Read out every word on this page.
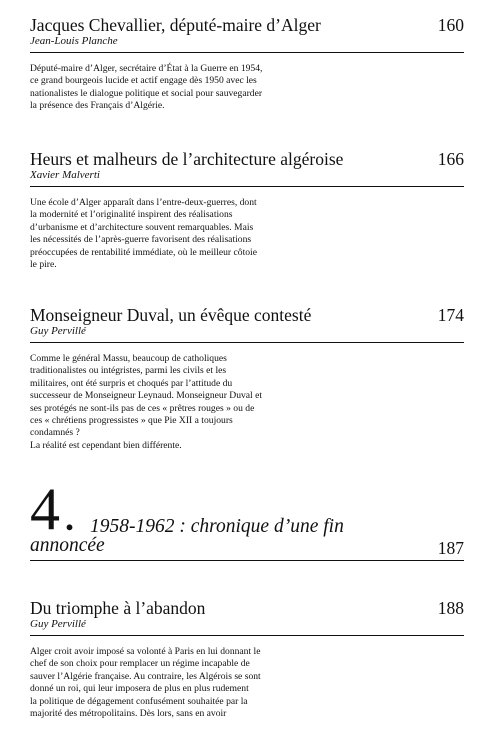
Jacques Chevallier, député-maire d’Alger	160
Jean-Louis Planche

Député-maire d’Alger, secrétaire d’État à la Guerre en 1954,

ce grand bourgeois lucide et actif engage dès 1950 avec les

nationalistes le dialogue politique et social pour sauvegarder

la présence des Français d’Algérie.

Heurs et malheurs de l’architecture algéroise	166
Xavier Malverti

Une école d’Alger apparaît dans l’entre-deux-guerres, dont

la modernité et l’originalité inspirent des réalisations

d’urbanisme et d’architecture souvent remarquables. Mais

les nécessités de l’après-guerre favorisent des réalisations

préoccupées de rentabilité immédiate, où le meilleur côtoie

le pire.

Monseigneur Duval, un évêque contesté	174
Guy Pervillé

Comme le général Massu, beaucoup de catholiques

traditionalistes ou intégristes, parmi les civils et les

militaires, ont été surpris et choqués par l’attitude du

successeur de Monseigneur Leynaud. Monseigneur Duval et

ses protégés ne sont-ils pas de ces « prêtres rouges » ou de

ces « chrétiens progressistes » que Pie XII a toujours

condamnés ?

La réalité est cependant bien différente.

4 . 1958-1962 : chronique d’une fin
annoncée	187
Du triomphe à l’abandon	188
Guy Pervillé

Alger croit avoir imposé sa volonté à Paris en lui donnant le

chef de son choix pour remplacer un régime incapable de

sauver l’Algérie française. Au contraire, les Algérois se sont

donné un roi, qui leur imposera de plus en plus rudement

la politique de dégagement confusément souhaitée par la

majorité des métropolitains. Dès lors, sans en avoir
